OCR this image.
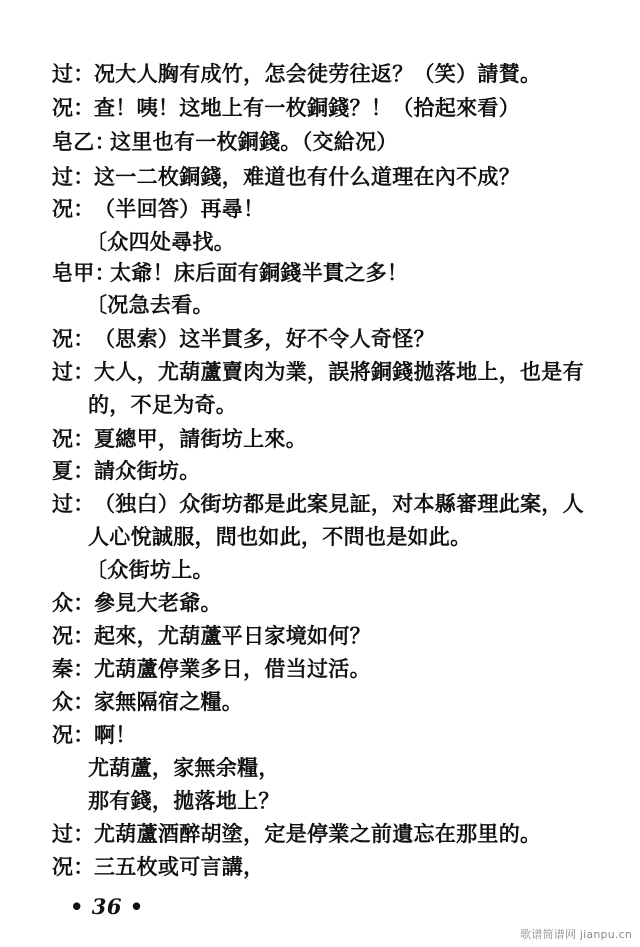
过： 况大人胸有成竹，怎会徒劳往返？（笑）請賛。
况： 查！咦！这地上有一枚銅錢？！（拾起來看）
皂乙：
这里也有一枚銅錢。（交給况）
过： 这一二枚銅錢，难道也有什么道理在內不成？
况： （半回答）再尋！
〔众四处尋找。
皂甲：
太爺！床后面有銅錢半貫之多！
〔况急去看。
况： （思索）这半貫多，好不令人奇怪？
过： 大人，尤葫蘆賣肉为業，誤將銅錢拋落地上，也是有
的，不足为奇。
况： 夏總甲，請街坊上來。
夏： 請众街坊。
过： （独白）众街坊都是此案見証，对本縣審理此案，人
人心悅誠服，問也如此，不問也是如此。
〔众街坊上。
众： 參見大老爺。
况： 起來，尤葫蘆平日家境如何？
秦： 尤葫蘆停業多日，借当过活。
众： 家無隔宿之糧。
况： 啊！
尤葫蘆，家無余糧，
那有錢，拋落地上？
过： 尤葫蘆酒醉胡塗，定是停業之前遺忘在那里的。
况： 三五枚或可言講，
• 36 •
歌谱简谱网 jianpu.cn
